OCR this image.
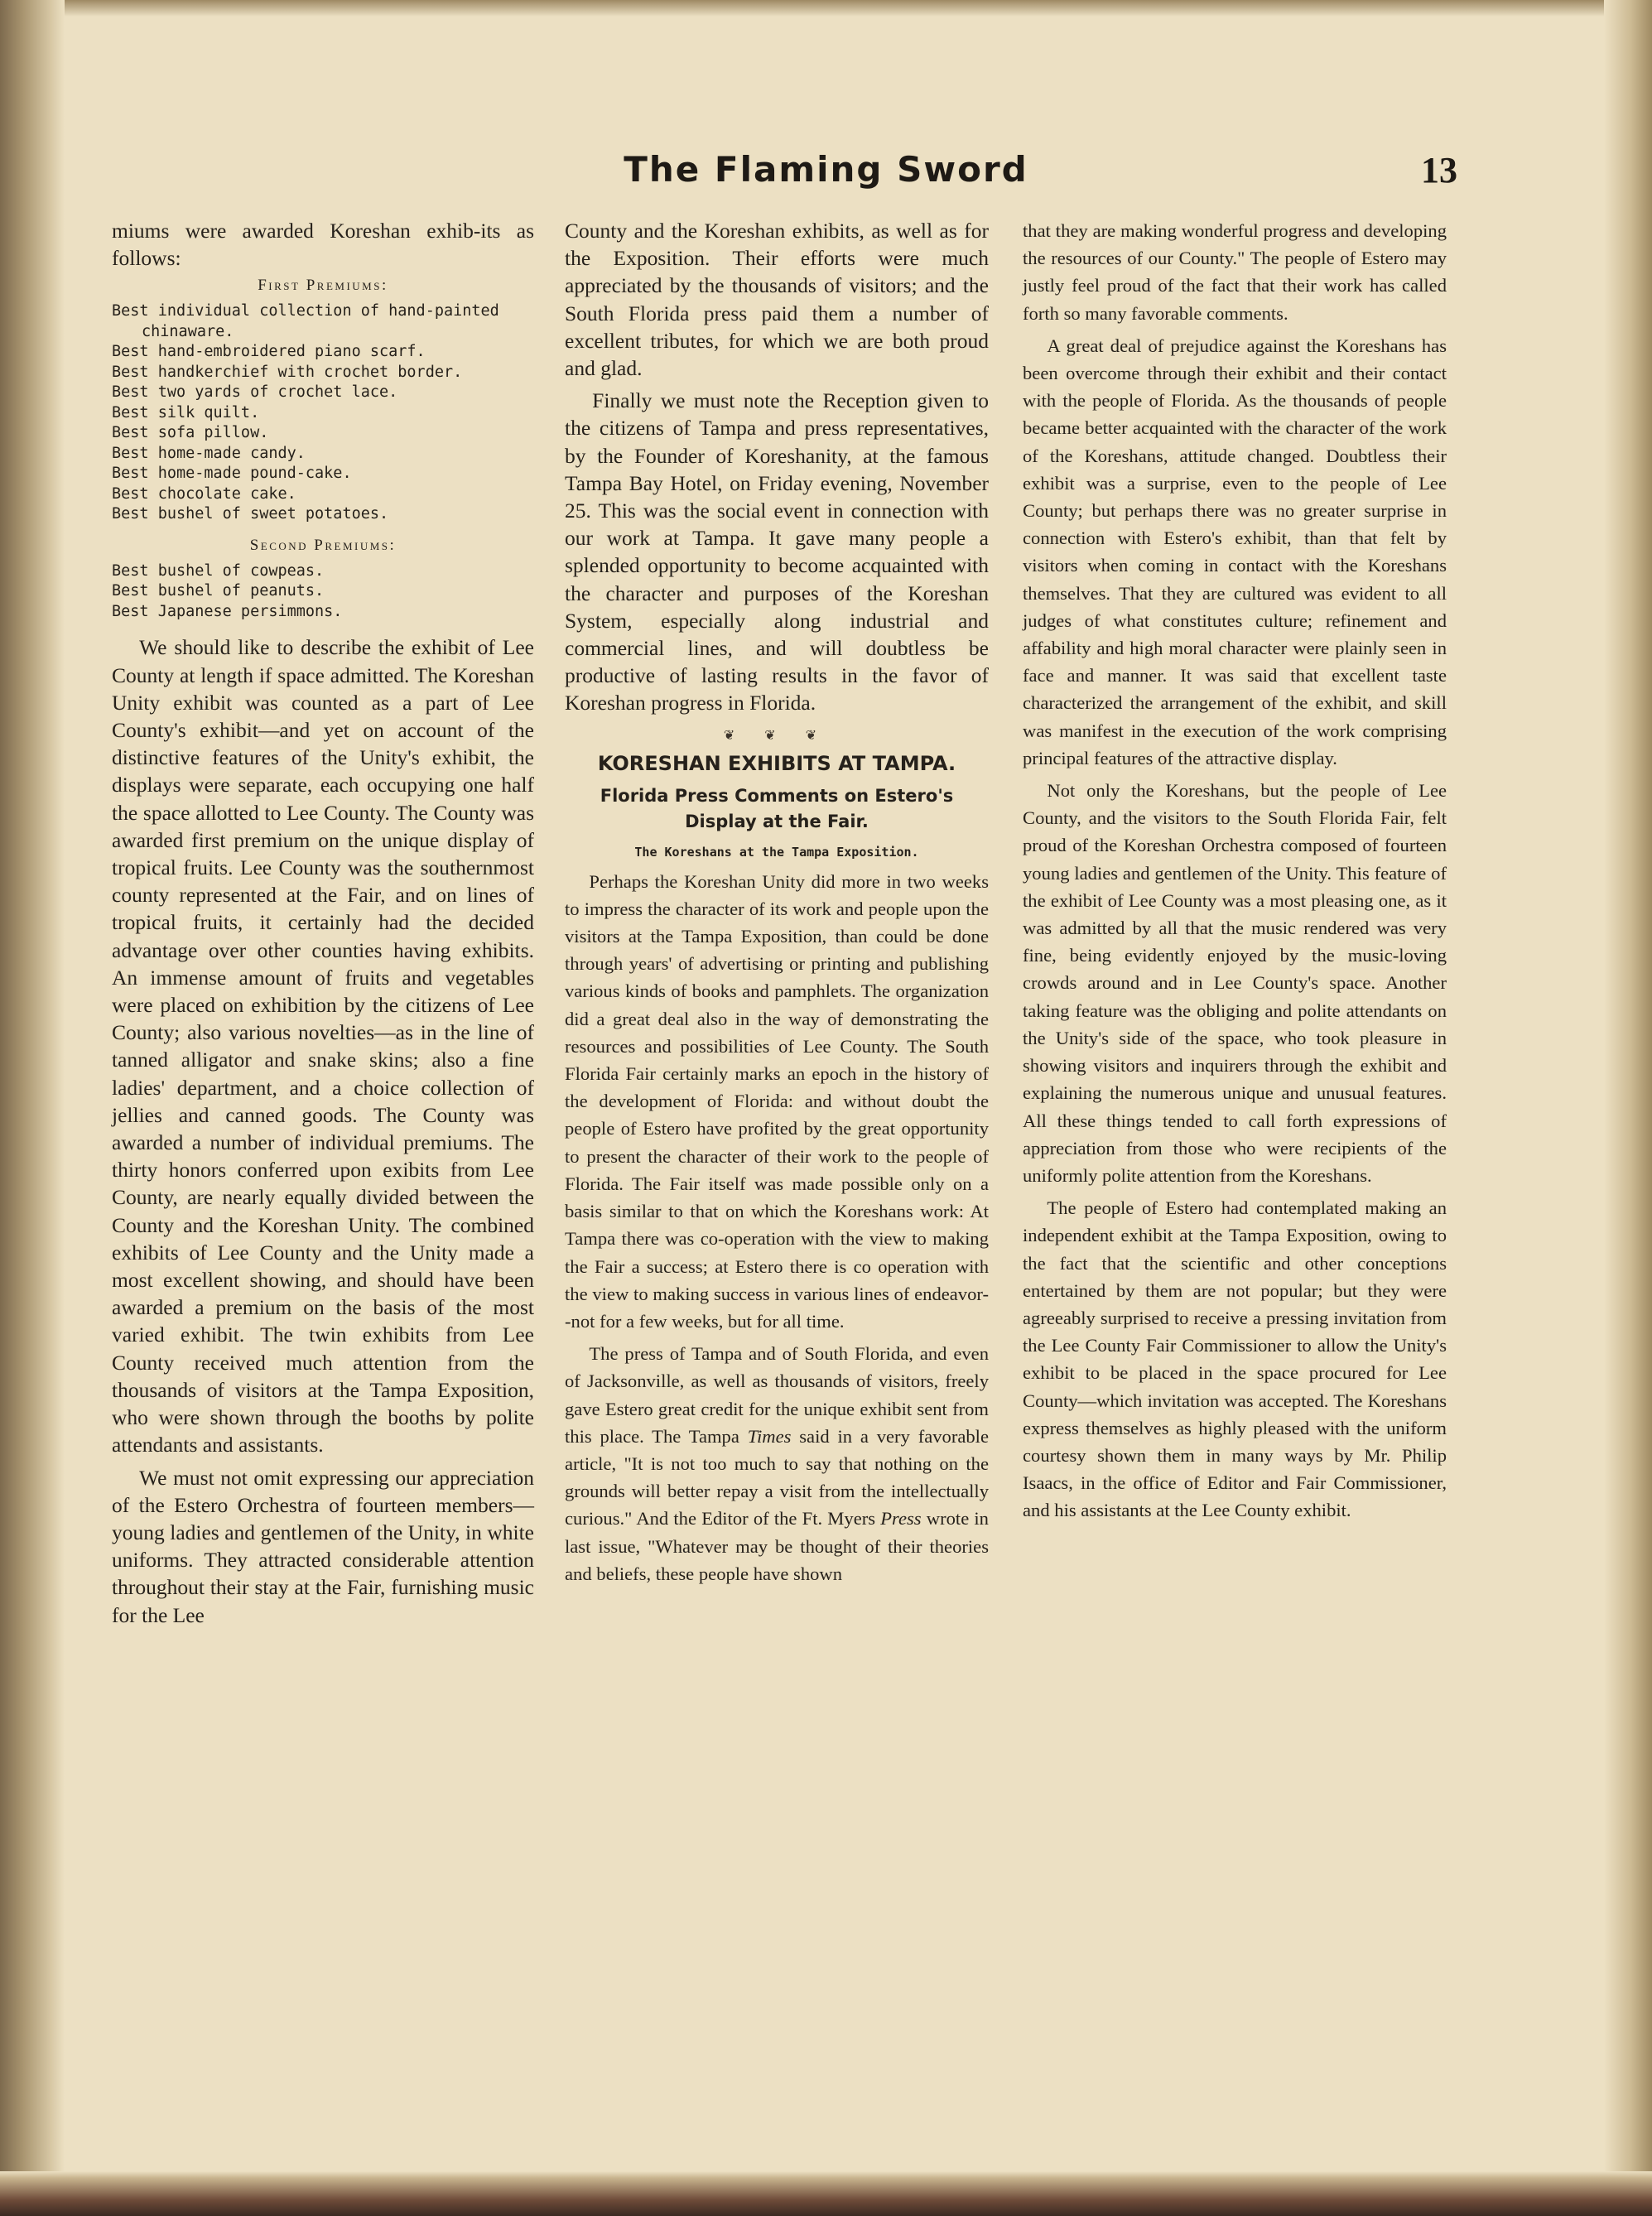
The Flaming Sword	13

miums were awarded Koreshan exhib-its as follows:

First Premiums:
Best individual collection of hand-painted chinaware.
Best hand-embroidered piano scarf.
Best handkerchief with crochet border.
Best two yards of crochet lace.
Best silk quilt.
Best sofa pillow.
Best home-made candy.
Best home-made pound-cake.
Best chocolate cake.
Best bushel of sweet potatoes.
Second Premiums:
Best bushel of cowpeas.
Best bushel of peanuts.
Best Japanese persimmons.

We should like to describe the exhibit of Lee County at length if space admitted. The Koreshan Unity exhibit was counted as a part of Lee County's exhibit—and yet on account of the distinctive features of the Unity's exhibit, the displays were separate, each occupying one half the space allotted to Lee County. The County was awarded first premium on the unique display of tropical fruits. Lee County was the southernmost county represented at the Fair, and on lines of tropical fruits, it certainly had the decided advantage over other counties having exhibits. An immense amount of fruits and vegetables were placed on exhibition by the citizens of Lee County; also various novelties—as in the line of tanned alligator and snake skins; also a fine ladies' department, and a choice collection of jellies and canned goods. The County was awarded a number of individual premiums. The thirty honors conferred upon exibits from Lee County, are nearly equally divided between the County and the Koreshan Unity. The combined exhibits of Lee County and the Unity made a most excellent showing, and should have been awarded a premium on the basis of the most varied exhibit. The twin exhibits from Lee County received much attention from the thousands of visitors at the Tampa Exposition, who were shown through the booths by polite attendants and assistants.

We must not omit expressing our appreciation of the Estero Orchestra of fourteen members—young ladies and gentlemen of the Unity, in white uniforms. They attracted considerable attention throughout their stay at the Fair, furnishing music for the Lee

County and the Koreshan exhibits, as well as for the Exposition. Their efforts were much appreciated by the thousands of visitors; and the South Florida press paid them a number of excellent tributes, for which we are both proud and glad.

Finally we must note the Reception given to the citizens of Tampa and press representatives, by the Founder of Koreshanity, at the famous Tampa Bay Hotel, on Friday evening, November 25. This was the social event in connection with our work at Tampa. It gave many people a splended opportunity to become acquainted with the character and purposes of the Koreshan System, especially along industrial and commercial lines, and will doubtless be productive of lasting results in the favor of Koreshan progress in Florida.

❦ ❦ ❦
KORESHAN EXHIBITS AT TAMPA.
Florida Press Comments on Estero's Display at the Fair.
The Koreshans at the Tampa Exposition.

Perhaps the Koreshan Unity did more in two weeks to impress the character of its work and people upon the visitors at the Tampa Exposition, than could be done through years' of advertising or printing and publishing various kinds of books and pamphlets. The organization did a great deal also in the way of demonstrating the resources and possibilities of Lee County. The South Florida Fair certainly marks an epoch in the history of the development of Florida: and without doubt the people of Estero have profited by the great opportunity to present the character of their work to the people of Florida. The Fair itself was made possible only on a basis similar to that on which the Koreshans work: At Tampa there was co-operation with the view to making the Fair a success; at Estero there is co operation with the view to making success in various lines of endeavor--not for a few weeks, but for all time.

The press of Tampa and of South Florida, and even of Jacksonville, as well as thousands of visitors, freely gave Estero great credit for the unique exhibit sent from this place. The Tampa Times said in a very favorable article, "It is not too much to say that nothing on the grounds will better repay a visit from the intellectually curious." And the Editor of the Ft. Myers Press wrote in last issue, "Whatever may be thought of their theories and beliefs, these people have shown

that they are making wonderful progress and developing the resources of our County." The people of Estero may justly feel proud of the fact that their work has called forth so many favorable comments.

A great deal of prejudice against the Koreshans has been overcome through their exhibit and their contact with the people of Florida. As the thousands of people became better acquainted with the character of the work of the Koreshans, attitude changed. Doubtless their exhibit was a surprise, even to the people of Lee County; but perhaps there was no greater surprise in connection with Estero's exhibit, than that felt by visitors when coming in contact with the Koreshans themselves. That they are cultured was evident to all judges of what constitutes culture; refinement and affability and high moral character were plainly seen in face and manner. It was said that excellent taste characterized the arrangement of the exhibit, and skill was manifest in the execution of the work comprising principal features of the attractive display.

Not only the Koreshans, but the people of Lee County, and the visitors to the South Florida Fair, felt proud of the Koreshan Orchestra composed of fourteen young ladies and gentlemen of the Unity. This feature of the exhibit of Lee County was a most pleasing one, as it was admitted by all that the music rendered was very fine, being evidently enjoyed by the music-loving crowds around and in Lee County's space. Another taking feature was the obliging and polite attendants on the Unity's side of the space, who took pleasure in showing visitors and inquirers through the exhibit and explaining the numerous unique and unusual features. All these things tended to call forth expressions of appreciation from those who were recipients of the uniformly polite attention from the Koreshans.

The people of Estero had contemplated making an independent exhibit at the Tampa Exposition, owing to the fact that the scientific and other conceptions entertained by them are not popular; but they were agreeably surprised to receive a pressing invitation from the Lee County Fair Commissioner to allow the Unity's exhibit to be placed in the space procured for Lee County—which invitation was accepted. The Koreshans express themselves as highly pleased with the uniform courtesy shown them in many ways by Mr. Philip Isaacs, in the office of Editor and Fair Commissioner, and his assistants at the Lee County exhibit.
